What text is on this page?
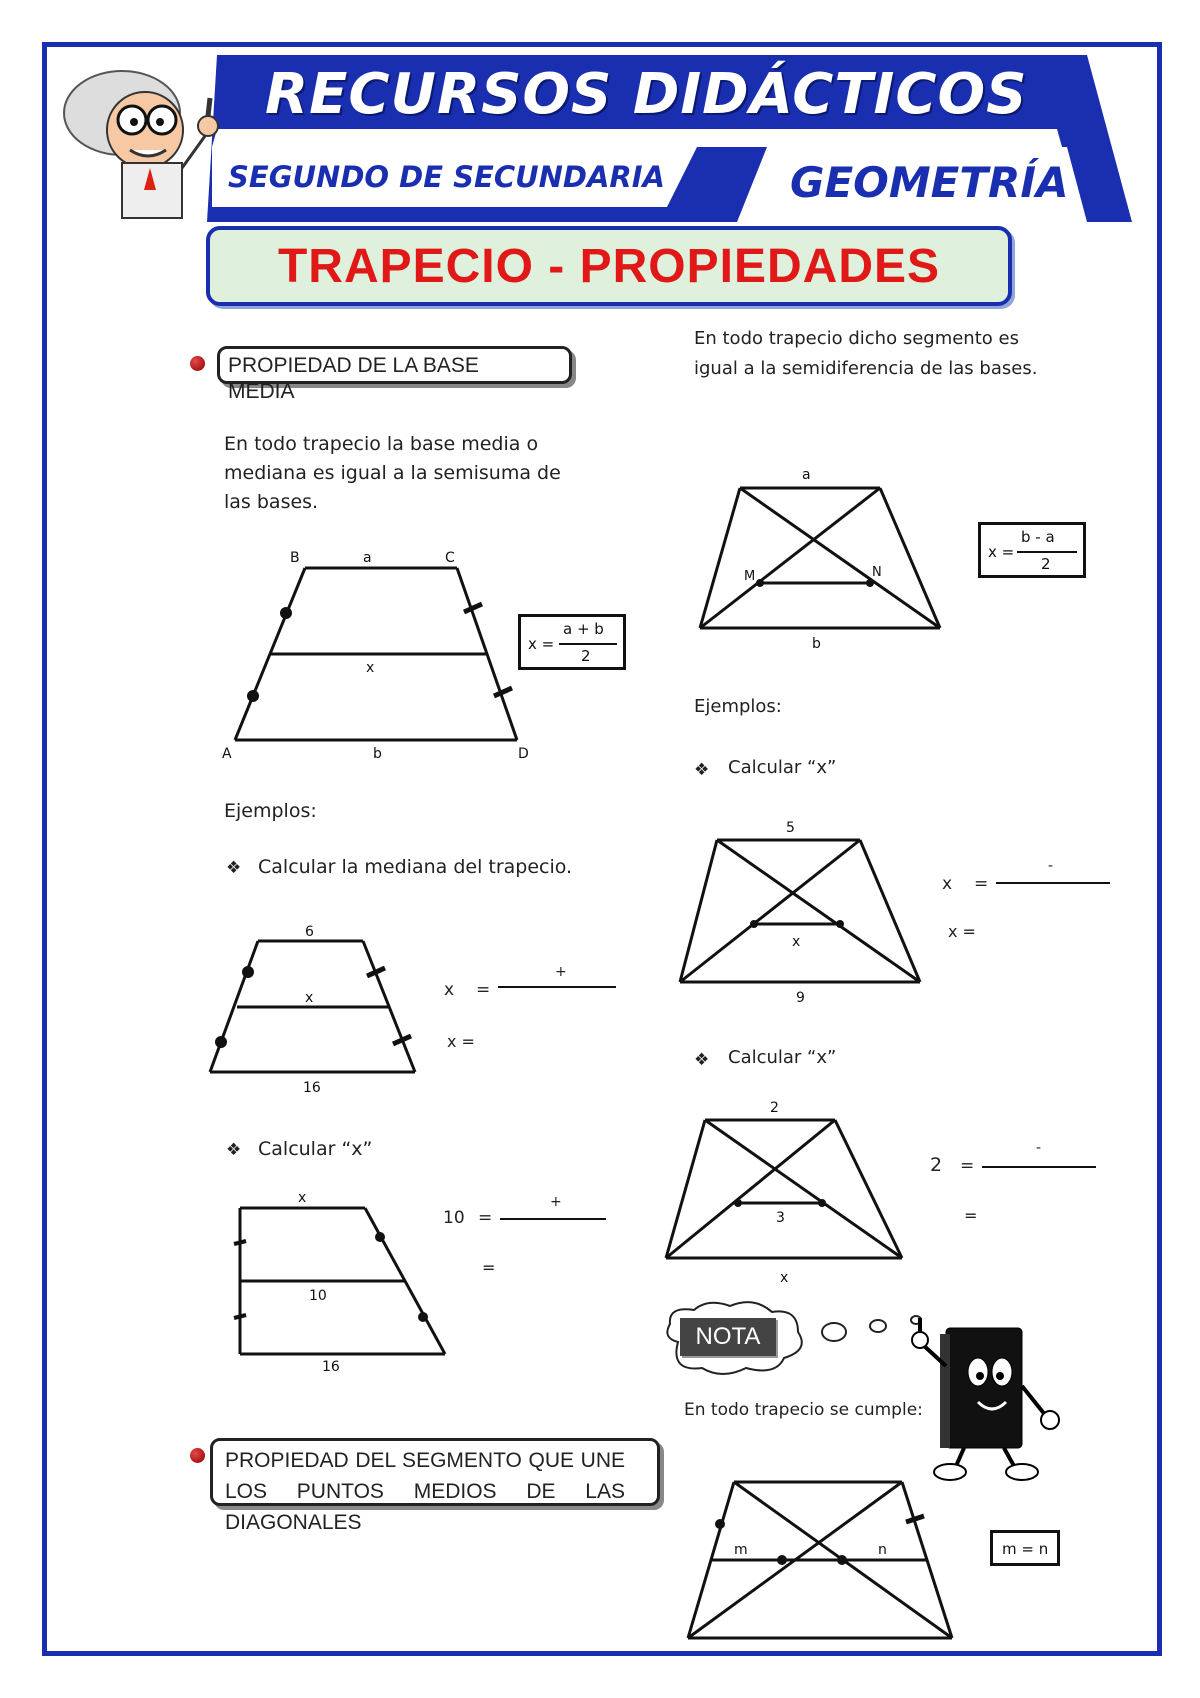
RECURSOS DIDÁCTICOS
SEGUNDO DE SECUNDARIA	GEOMETRÍA
TRAPECIO - PROPIEDADES
PROPIEDAD DE LA BASE MEDIA
En todo trapecio la base media o mediana es igual a la semisuma de las bases.
B	C
A	D
a
b
x
x =
a + b
2
Ejemplos:
❖ Calcular la mediana del trapecio.
6
x
16
x =
+
x =
❖ Calcular “x”
x
10
16
10 =
+
=
PROPIEDAD DEL SEGMENTO QUE UNE LOS PUNTOS MEDIOS DE LAS DIAGONALES
En todo trapecio dicho segmento es igual a la semidiferencia de las bases.
a
b
M	N
x =
b - a
2
Ejemplos:
❖ Calcular “x”
5
x
9
x =
-
x =
❖ Calcular “x”
2
3
x
2 =
-
=
NOTA
En todo trapecio se cumple:
m	n	m = n
